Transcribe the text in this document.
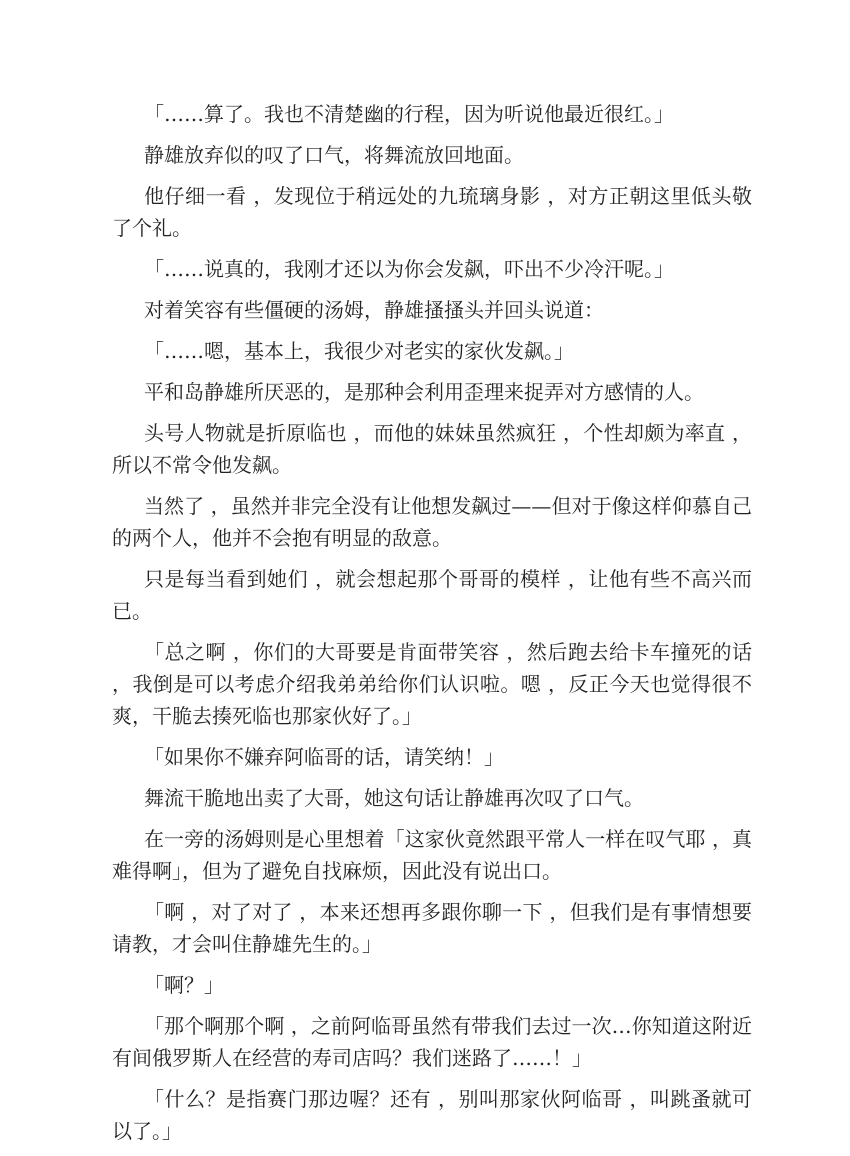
「……算了。我也不清楚幽的行程，因为听说他最近很红。」

静雄放弃似的叹了口气，将舞流放回地面。

他仔细一看 ，发现位于稍远处的九琉璃身影 ，对方正朝这里低头敬了个礼。

「……说真的，我刚才还以为你会发飙，吓出不少冷汗呢。」

对着笑容有些僵硬的汤姆，静雄搔搔头并回头说道：

「……嗯，基本上，我很少对老实的家伙发飙。」

平和岛静雄所厌恶的，是那种会利用歪理来捉弄对方感情的人。

头号人物就是折原临也 ，而他的妹妹虽然疯狂 ，个性却颇为率直 ，所以不常令他发飙。

当然了 ，虽然并非完全没有让他想发飙过——但对于像这样仰慕自己的两个人，他并不会抱有明显的敌意。

只是每当看到她们 ，就会想起那个哥哥的模样 ，让他有些不高兴而已。

「总之啊 ，你们的大哥要是肯面带笑容 ，然后跑去给卡车撞死的话 ，我倒是可以考虑介绍我弟弟给你们认识啦。嗯 ，反正今天也觉得很不爽，干脆去揍死临也那家伙好了。」

「如果你不嫌弃阿临哥的话，请笑纳！」

舞流干脆地出卖了大哥，她这句话让静雄再次叹了口气。

在一旁的汤姆则是心里想着「这家伙竟然跟平常人一样在叹气耶 ，真难得啊」，但为了避免自找麻烦，因此没有说出口。

「啊 ，对了对了 ，本来还想再多跟你聊一下 ，但我们是有事情想要请教，才会叫住静雄先生的。」

「啊？」

「那个啊那个啊 ，之前阿临哥虽然有带我们去过一次…你知道这附近有间俄罗斯人在经营的寿司店吗？我们迷路了……！」

「什么？是指赛门那边喔？还有 ，别叫那家伙阿临哥 ，叫跳蚤就可以了。」
